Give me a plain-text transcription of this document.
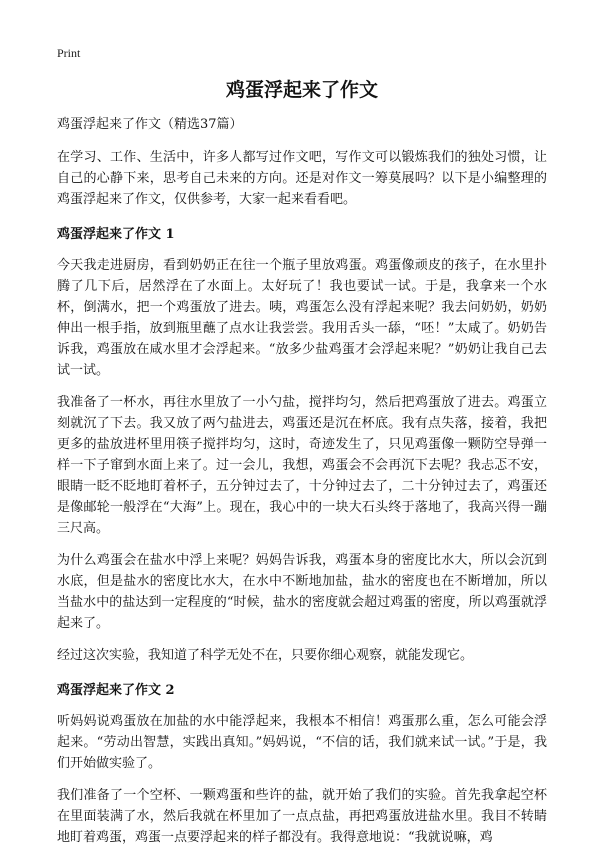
Print
鸡蛋浮起来了作文
鸡蛋浮起来了作文（精选37篇）

在学习、工作、生活中，许多人都写过作文吧，写作文可以锻炼我们的独处习惯，让自己的心静下来，思考自己未来的方向。还是对作文一筹莫展吗？以下是小编整理的鸡蛋浮起来了作文，仅供参考，大家一起来看看吧。

鸡蛋浮起来了作文 1

今天我走进厨房，看到奶奶正在往一个瓶子里放鸡蛋。鸡蛋像顽皮的孩子，在水里扑腾了几下后，居然浮在了水面上。太好玩了！我也要试一试。于是，我拿来一个水杯，倒满水，把一个鸡蛋放了进去。咦，鸡蛋怎么没有浮起来呢？我去问奶奶，奶奶伸出一根手指，放到瓶里蘸了点水让我尝尝。我用舌头一舔，“呸！”太咸了。奶奶告诉我，鸡蛋放在咸水里才会浮起来。“放多少盐鸡蛋才会浮起来呢？”奶奶让我自己去试一试。

我准备了一杯水，再往水里放了一小勺盐，搅拌均匀，然后把鸡蛋放了进去。鸡蛋立刻就沉了下去。我又放了两勺盐进去，鸡蛋还是沉在杯底。我有点失落，接着，我把更多的盐放进杯里用筷子搅拌均匀，这时，奇迹发生了，只见鸡蛋像一颗防空导弹一样一下子窜到水面上来了。过一会儿，我想，鸡蛋会不会再沉下去呢？我忐忑不安，眼睛一眨不眨地盯着杯子，五分钟过去了，十分钟过去了，二十分钟过去了，鸡蛋还是像邮轮一般浮在“大海”上。现在，我心中的一块大石头终于落地了，我高兴得一蹦三尺高。

为什么鸡蛋会在盐水中浮上来呢？妈妈告诉我，鸡蛋本身的密度比水大，所以会沉到水底，但是盐水的密度比水大，在水中不断地加盐，盐水的密度也在不断增加，所以当盐水中的盐达到一定程度的“时候，盐水的密度就会超过鸡蛋的密度，所以鸡蛋就浮起来了。

经过这次实验，我知道了科学无处不在，只要你细心观察，就能发现它。

鸡蛋浮起来了作文 2

听妈妈说鸡蛋放在加盐的水中能浮起来，我根本不相信！鸡蛋那么重，怎么可能会浮起来。“劳动出智慧，实践出真知。”妈妈说，“不信的话，我们就来试一试。”于是，我们开始做实验了。

我们准备了一个空杯、一颗鸡蛋和些许的盐，就开始了我们的实验。首先我拿起空杯在里面装满了水，然后我就在杯里加了一点点盐，再把鸡蛋放进盐水里。我目不转睛地盯着鸡蛋，鸡蛋一点要浮起来的样子都没有。我得意地说：“我就说嘛，鸡
